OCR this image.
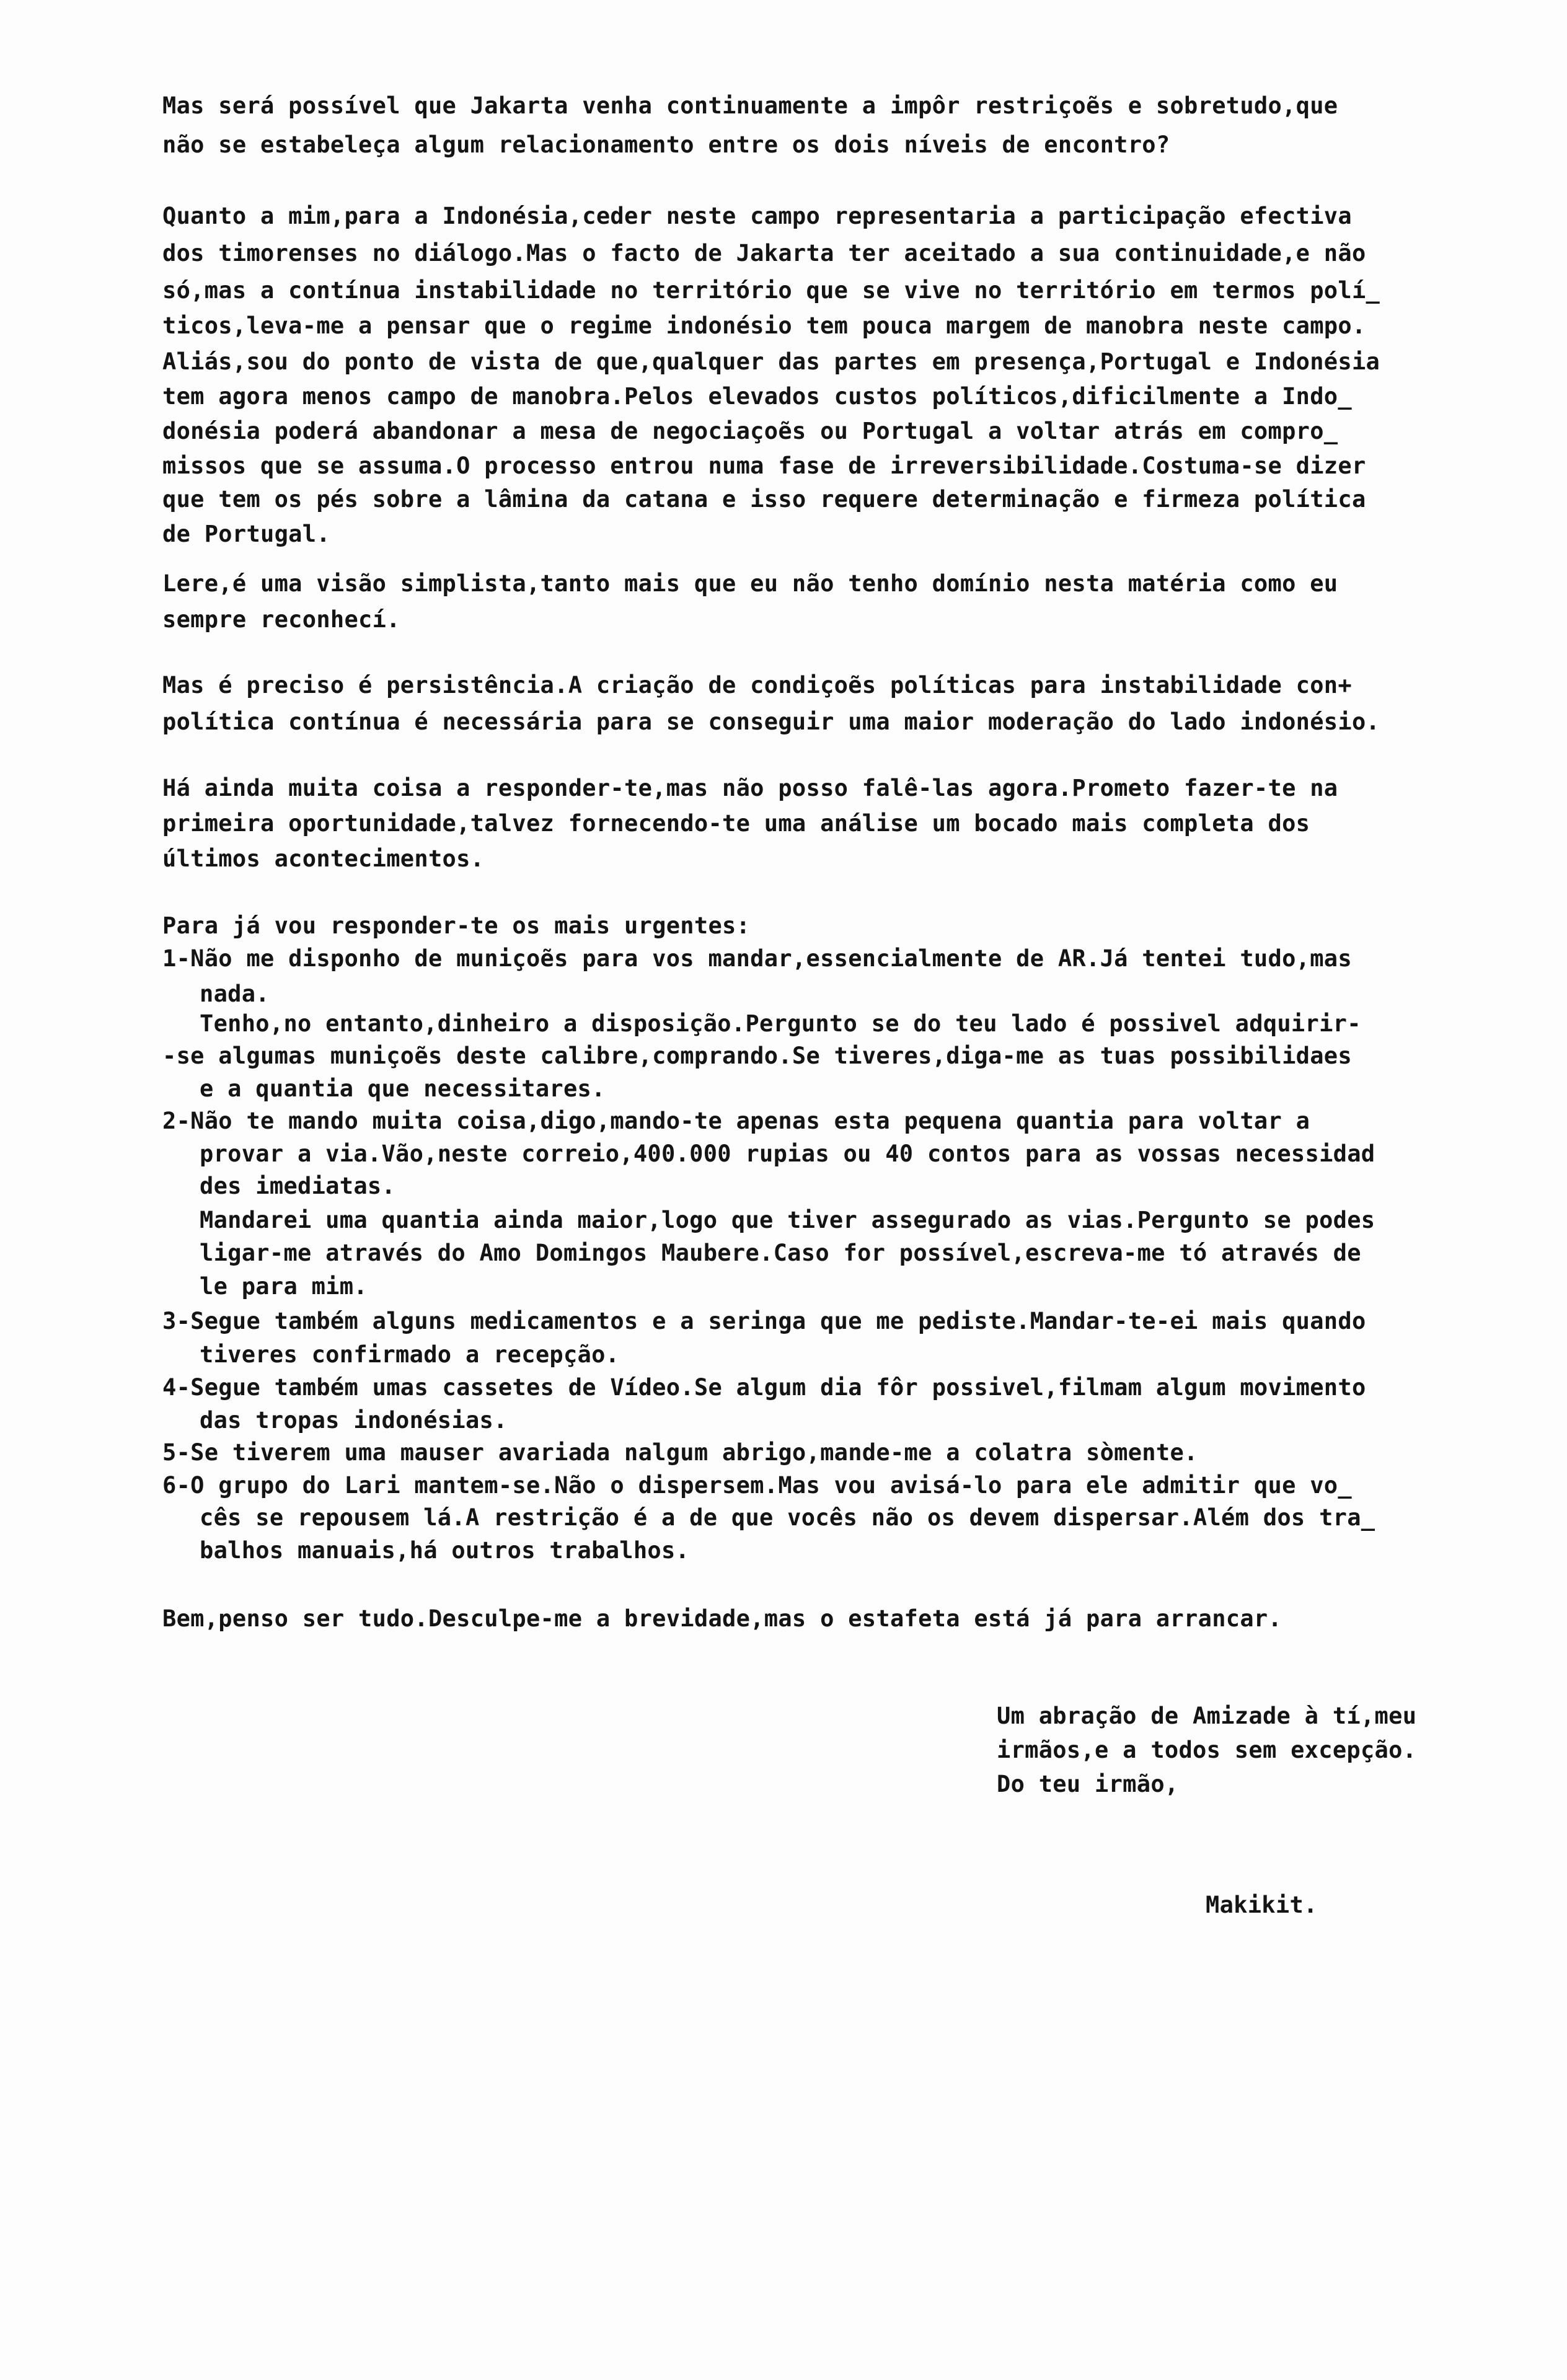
Mas será possível que Jakarta venha continuamente a impôr restriçoẽs e sobretudo,que
não se estabeleça algum relacionamento entre os dois níveis de encontro?
Quanto a mim,para a Indonésia,ceder neste campo representaria a participação efectiva
dos timorenses no diálogo.Mas o facto de Jakarta ter aceitado a sua continuidade,e não
só,mas a contínua instabilidade no território que se vive no território em termos polí_
ticos,leva-me a pensar que o regime indonésio tem pouca margem de manobra neste campo.
Aliás,sou do ponto de vista de que,qualquer das partes em presença,Portugal e Indonésia
tem agora menos campo de manobra.Pelos elevados custos políticos,dificilmente a Indo_
donésia poderá abandonar a mesa de negociaçoẽs ou Portugal a voltar atrás em compro_
missos que se assuma.O processo entrou numa fase de irreversibilidade.Costuma-se dizer
que tem os pés sobre a lâmina da catana e isso requere determinação e firmeza política
de Portugal.
Lere,é uma visão simplista,tanto mais que eu não tenho domínio nesta matéria como eu
sempre reconhecí.
Mas é preciso é persistência.A criação de condiçoẽs políticas para instabilidade con+
política contínua é necessária para se conseguir uma maior moderação do lado indonésio.
Há ainda muita coisa a responder-te,mas não posso falê-las agora.Prometo fazer-te na
primeira oportunidade,talvez fornecendo-te uma análise um bocado mais completa dos
últimos acontecimentos.
Para já vou responder-te os mais urgentes:
1-Não me disponho de muniçoẽs para vos mandar,essencialmente de AR.Já tentei tudo,mas
nada.
Tenho,no entanto,dinheiro a disposição.Pergunto se do teu lado é possivel adquirir-
-se algumas muniçoẽs deste calibre,comprando.Se tiveres,diga-me as tuas possibilidaes
e a quantia que necessitares.
2-Não te mando muita coisa,digo,mando-te apenas esta pequena quantia para voltar a
provar a via.Vão,neste correio,400.000 rupias ou 40 contos para as vossas necessidad
des imediatas.
Mandarei uma quantia ainda maior,logo que tiver assegurado as vias.Pergunto se podes
ligar-me através do Amo Domingos Maubere.Caso for possível,escreva-me tó através de
le para mim.
3-Segue também alguns medicamentos e a seringa que me pediste.Mandar-te-ei mais quando
tiveres confirmado a recepção.
4-Segue também umas cassetes de Vídeo.Se algum dia fôr possivel,filmam algum movimento
das tropas indonésias.
5-Se tiverem uma mauser avariada nalgum abrigo,mande-me a colatra sòmente.
6-O grupo do Lari mantem-se.Não o dispersem.Mas vou avisá-lo para ele admitir que vo_
cês se repousem lá.A restrição é a de que vocês não os devem dispersar.Além dos tra_
balhos manuais,há outros trabalhos.
Bem,penso ser tudo.Desculpe-me a brevidade,mas o estafeta está já para arrancar.
Um abração de Amizade à tí,meu
irmãos,e a todos sem excepção.
Do teu irmão,
Makikit.
